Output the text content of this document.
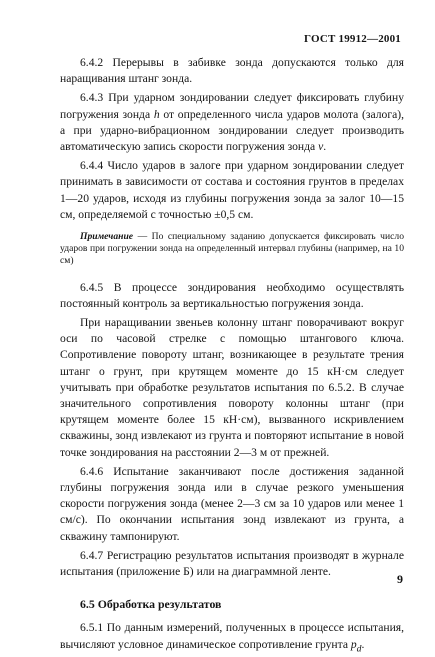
ГОСТ 19912—2001

6.4.2 Перерывы в забивке зонда допускаются только для наращивания штанг зонда.

6.4.3 При ударном зондировании следует фиксировать глубину погружения зонда h от определенного числа ударов молота (залога), а при ударно-вибрационном зондировании следует производить автоматическую запись скорости погружения зонда v.

6.4.4 Число ударов в залоге при ударном зондировании следует принимать в зависимости от состава и состояния грунтов в пределах 1—20 ударов, исходя из глубины погружения зонда за залог 10—15 см, определяемой с точностью ±0,5 см.

Примечание — По специальному заданию допускается фиксировать число ударов при погружении зонда на определенный интервал глубины (например, на 10 см)

6.4.5 В процессе зондирования необходимо осуществлять постоянный контроль за вертикальностью погружения зонда.

При наращивании звеньев колонну штанг поворачивают вокруг оси по часовой стрелке с помощью штангового ключа. Сопротивление повороту штанг, возникающее в результате трения штанг о грунт, при крутящем моменте до 15 кН·см следует учитывать при обработке результатов испытания по 6.5.2. В случае значительного сопротивления повороту колонны штанг (при крутящем моменте более 15 кН·см), вызванного искривлением скважины, зонд извлекают из грунта и повторяют испытание в новой точке зондирования на расстоянии 2—3 м от прежней.

6.4.6 Испытание заканчивают после достижения заданной глубины погружения зонда или в случае резкого уменьшения скорости погружения зонда (менее 2—3 см за 10 ударов или менее 1 см/с). По окончании испытания зонд извлекают из грунта, а скважину тампонируют.

6.4.7 Регистрацию результатов испытания производят в журнале испытания (приложение Б) или на диаграммной ленте.

6.5 Обработка результатов

6.5.1 По данным измерений, полученных в процессе испытания, вычисляют условное динамическое сопротивление грунта $p_d$.

9
